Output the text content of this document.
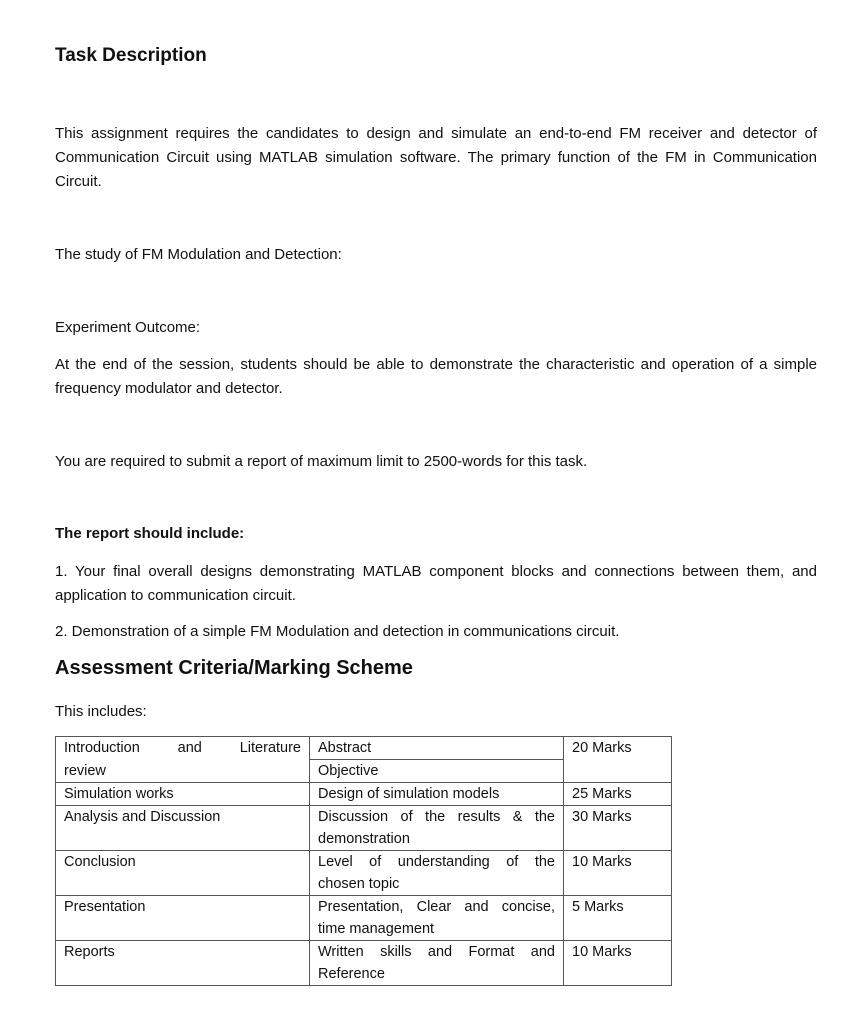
Task Description

This assignment requires the candidates to design and simulate an end-to-end FM receiver and detector of Communication Circuit using MATLAB simulation software. The primary function of the FM in Communication Circuit.

The study of FM Modulation and Detection:

Experiment Outcome:

At the end of the session, students should be able to demonstrate the characteristic and operation of a simple frequency modulator and detector.

You are required to submit a report of maximum limit to 2500-words for this task.

The report should include:

1. Your final overall designs demonstrating MATLAB component blocks and connections between them, and application to communication circuit.

2. Demonstration of a simple FM Modulation and detection in communications circuit.

Assessment Criteria/Marking Scheme

This includes:

Introduction and Literature	Abstract	20 Marks
review	Objective	
Simulation works	Design of simulation models	25 Marks
Analysis and Discussion	Discussion of the results & the demonstration	30 Marks
Conclusion	Level of understanding of the chosen topic	10 Marks
Presentation	Presentation, Clear and concise, time management	5 Marks
Reports	Written skills and Format and Reference	10 Marks
